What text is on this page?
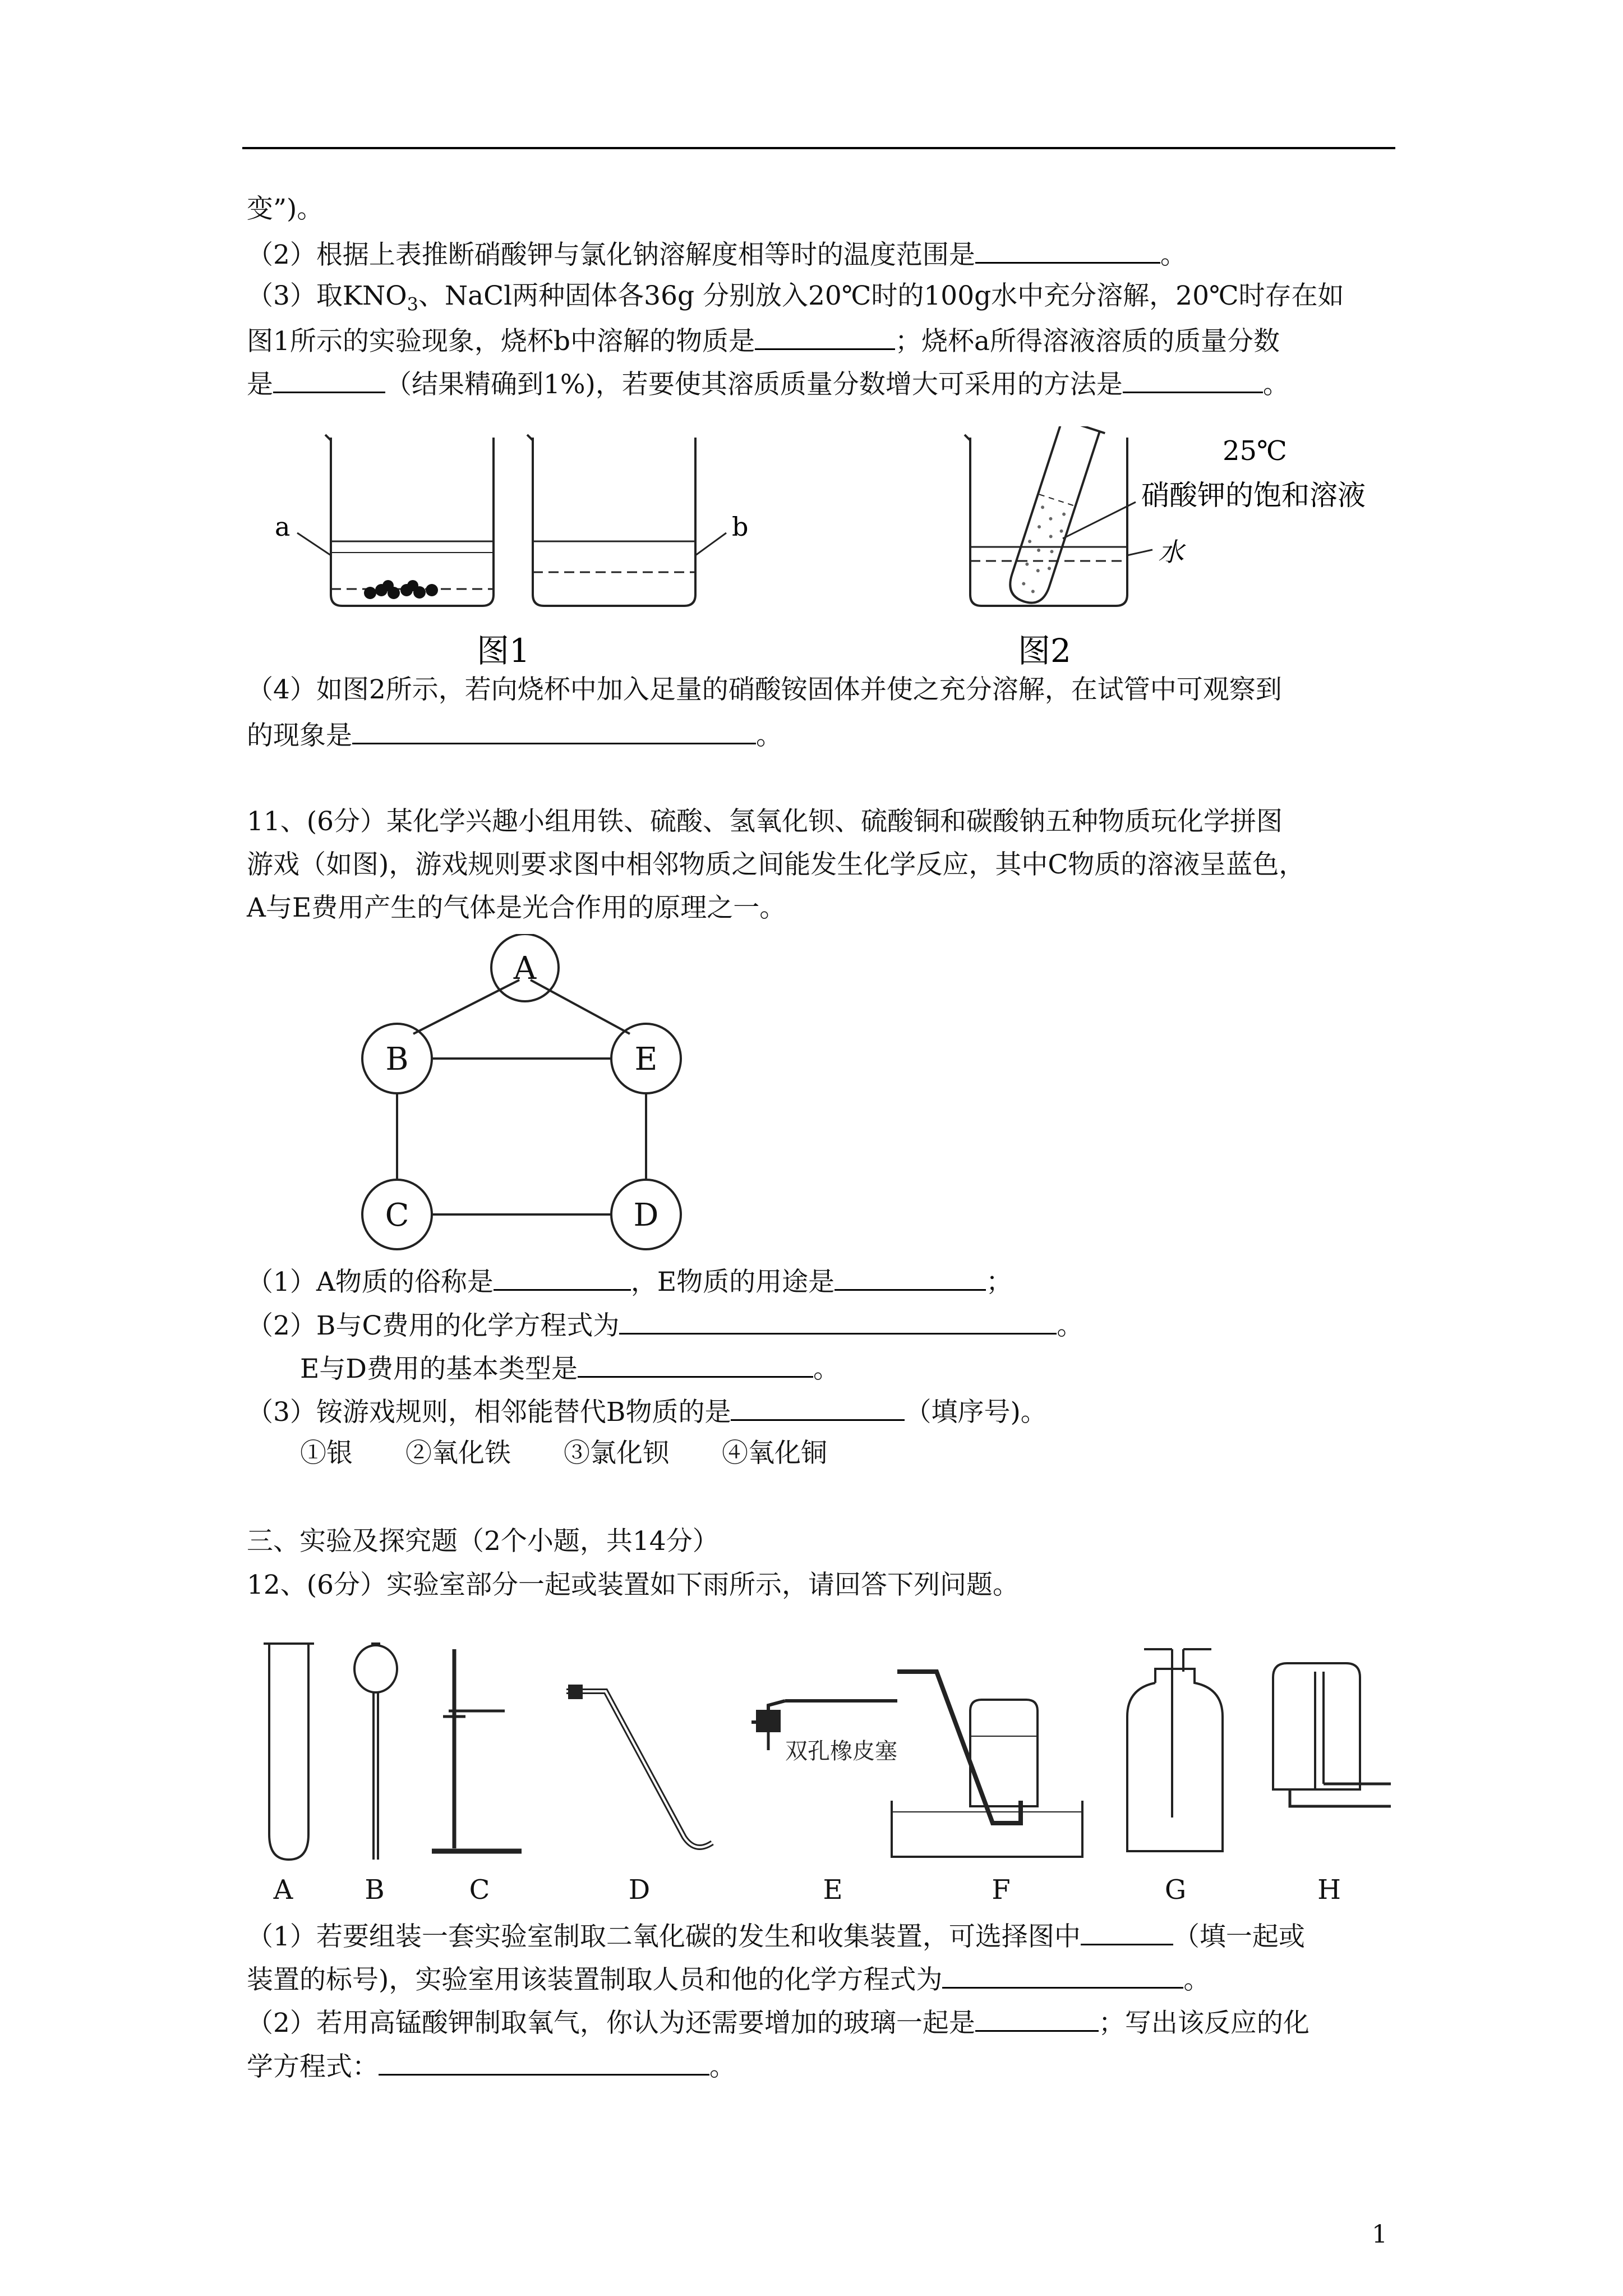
变”)。
（2）根据上表推断硝酸钾与氯化钠溶解度相等时的温度范围是	。
（3）取$KNO_3$、NaCl两种固体各36g 分别放入20℃时的100g水中充分溶解，20℃时存在如
图1所示的实验现象，烧杯b中溶解的物质是	；烧杯a所得溶液溶质的质量分数
是	（结果精确到1%)，若要使其溶质质量分数增大可采用的方法是	。
a	b
25℃
硝酸钾的饱和溶液
水
图1	图2
（4）如图2所示，若向烧杯中加入足量的硝酸铵固体并使之充分溶解，在试管中可观察到
的现象是	。
11、(6分）某化学兴趣小组用铁、硫酸、氢氧化钡、硫酸铜和碳酸钠五种物质玩化学拼图
游戏（如图)，游戏规则要求图中相邻物质之间能发生化学反应，其中C物质的溶液呈蓝色，
A与E费用产生的气体是光合作用的原理之一。
A
B	E
C	D
（1）A物质的俗称是	，E物质的用途是	；
（2）B与C费用的化学方程式为	。
E与D费用的基本类型是	。
（3）铵游戏规则，相邻能替代B物质的是	（填序号)。
①银　　②氧化铁　　③氯化钡　　④氧化铜
三、实验及探究题（2个小题，共14分）
12、(6分）实验室部分一起或装置如下雨所示，请回答下列问题。
双孔橡皮塞
A	B	C	D	E	F	G	H
（1）若要组装一套实验室制取二氧化碳的发生和收集装置，可选择图中	（填一起或
装置的标号)，实验室用该装置制取人员和他的化学方程式为	。
（2）若用高锰酸钾制取氧气，你认为还需要增加的玻璃一起是	；写出该反应的化
学方程式：	。
1
